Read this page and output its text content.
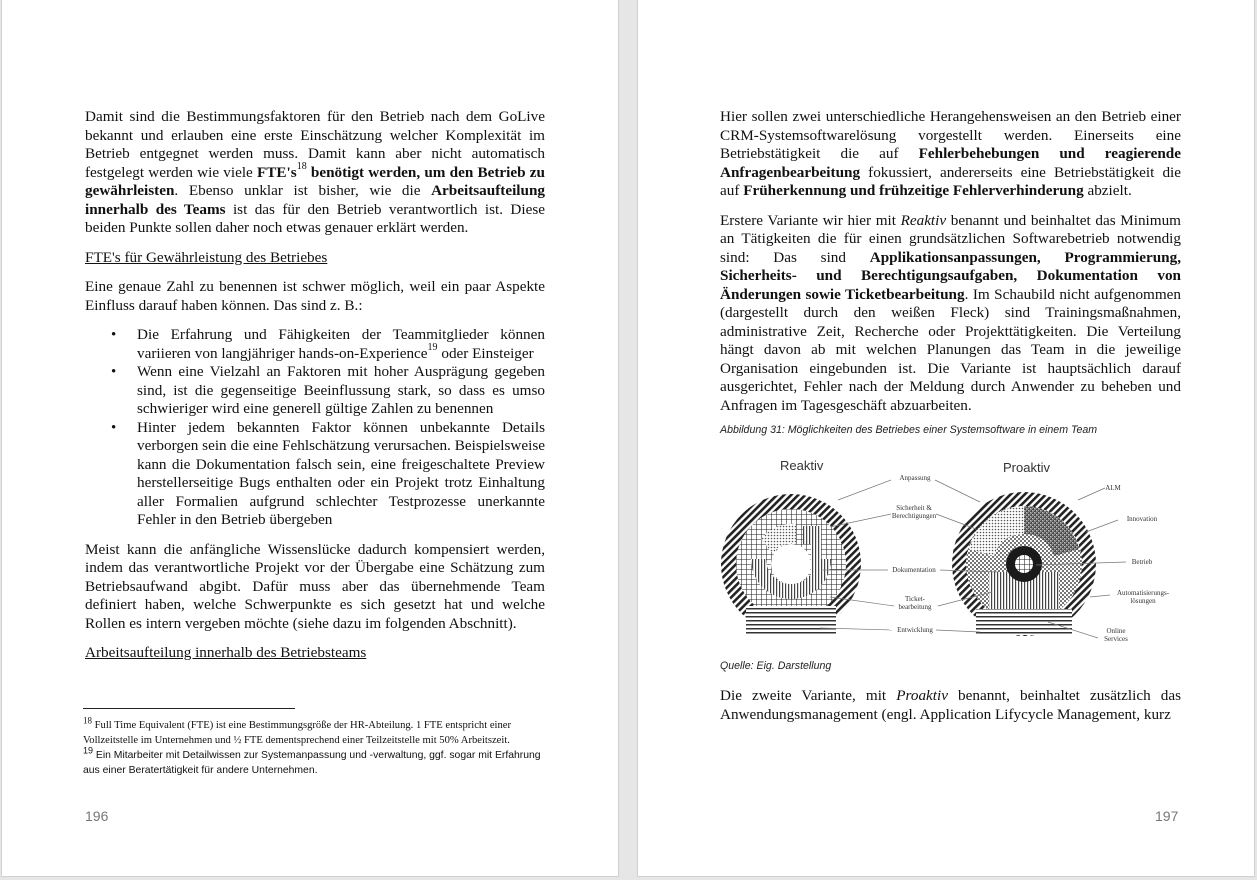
Damit sind die Bestimmungsfaktoren für den Betrieb nach dem GoLive bekannt und erlauben eine erste Einschätzung welcher Komplexität im Betrieb entgegnet werden muss. Damit kann aber nicht automatisch festgelegt werden wie viele $FTE's^{18}$ benötigt werden, um den Betrieb zu gewährleisten. Ebenso unklar ist bisher, wie die Arbeitsaufteilung innerhalb des Teams ist das für den Betrieb verantwortlich ist. Diese beiden Punkte sollen daher noch etwas genauer erklärt werden.

FTE's für Gewährleistung des Betriebes

Eine genaue Zahl zu benennen ist schwer möglich, weil ein paar Aspekte Einfluss darauf haben können. Das sind z. B.:

• Die Erfahrung und Fähigkeiten der Teammitglieder können variieren von langjähriger hands-on-Experience$^{19}$ oder Einsteiger
• Wenn eine Vielzahl an Faktoren mit hoher Ausprägung gegeben sind, ist die gegenseitige Beeinflussung stark, so dass es umso schwieriger wird eine generell gültige Zahlen zu benennen
• Hinter jedem bekannten Faktor können unbekannte Details verborgen sein die eine Fehlschätzung verursachen. Beispielsweise kann die Dokumentation falsch sein, eine freigeschaltete Preview herstellerseitige Bugs enthalten oder ein Projekt trotz Einhaltung aller Formalien aufgrund schlechter Testprozesse unerkannte Fehler in den Betrieb übergeben

Meist kann die anfängliche Wissenslücke dadurch kompensiert werden, indem das verantwortliche Projekt vor der Übergabe eine Schätzung zum Betriebsaufwand abgibt. Dafür muss aber das übernehmende Team definiert haben, welche Schwerpunkte es sich gesetzt hat und welche Rollen es intern vergeben möchte (siehe dazu im folgenden Abschnitt).

Arbeitsaufteilung innerhalb des Betriebsteams
$^{18}$ Full Time Equivalent (FTE) ist eine Bestimmungsgröße der HR-Abteilung. 1 FTE entspricht einer Vollzeitstelle im Unternehmen und ½ FTE dementsprechend einer Teilzeitstelle mit 50% Arbeitszeit.
19 Ein Mitarbeiter mit Detailwissen zur Systemanpassung und -verwaltung, ggf. sogar mit Erfahrung aus einer Beratertätigkeit für andere Unternehmen.
196

Hier sollen zwei unterschiedliche Herangehensweisen an den Betrieb einer CRM-Systemsoftwarelösung vorgestellt werden. Einerseits eine Betriebstätigkeit die auf Fehlerbehebungen und reagierende Anfragenbearbeitung fokussiert, andererseits eine Betriebstätigkeit die auf Früherkennung und frühzeitige Fehlerverhinderung abzielt.

Erstere Variante wir hier mit Reaktiv benannt und beinhaltet das Minimum an Tätigkeiten die für einen grundsätzlichen Softwarebetrieb notwendig sind: Das sind Applikationsanpassungen, Programmierung, Sicherheits- und Berechtigungsaufgaben, Dokumentation von Änderungen sowie Ticketbearbeitung. Im Schaubild nicht aufgenommen (dargestellt durch den weißen Fleck) sind Trainingsmaßnahmen, administrative Zeit, Recherche oder Projekttätigkeiten. Die Verteilung hängt davon ab mit welchen Planungen das Team in die jeweilige Organisation eingebunden ist. Die Variante ist hauptsächlich darauf ausgerichtet, Fehler nach der Meldung durch Anwender zu beheben und Anfragen im Tagesgeschäft abzuarbeiten.

Abbildung 31: Möglichkeiten des Betriebes einer Systemsoftware in einem Team
Reaktiv	Proaktiv
Anpassung
Sicherheit &
Berechtigungen
Dokumentation
Ticket-
bearbeitung
Entwicklung
ALM
Innovation
Betrieb
Automatisierungs-
lösungen
Online
Services
Quelle: Eig. Darstellung

Die zweite Variante, mit Proaktiv benannt, beinhaltet zusätzlich das Anwendungsmanagement (engl. Application Lifycycle Management, kurz

197
